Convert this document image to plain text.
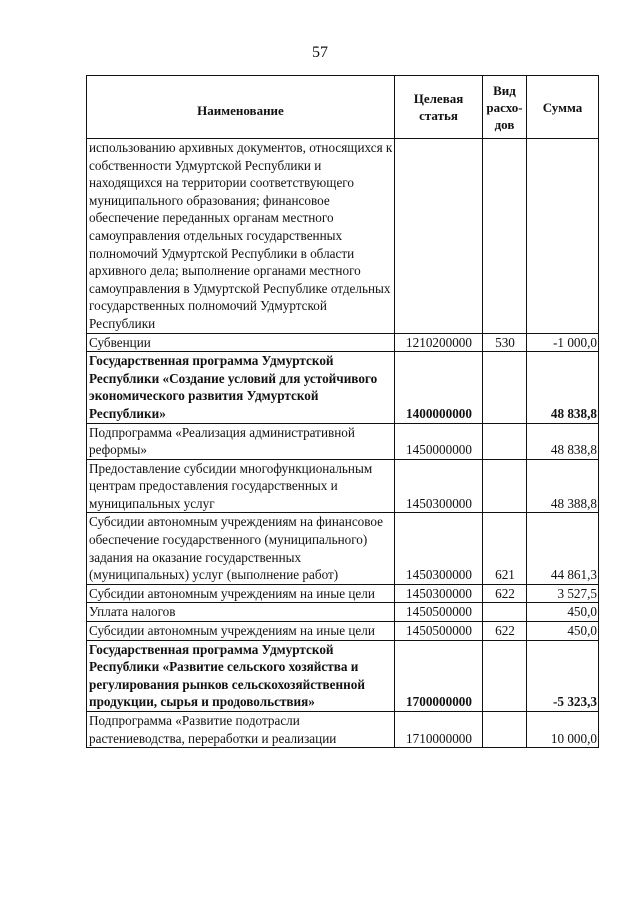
57
Наименование	Целевая статья	Вид расхо-дов	Сумма
использованию архивных документов, относящихся к собственности Удмуртской Республики и находящихся на территории соответствующего муниципального образования; финансовое обеспечение переданных органам местного самоуправления отдельных государственных полномочий Удмуртской Республики в области архивного дела; выполнение органами местного самоуправления в Удмуртской Республике отдельных государственных полномочий Удмуртской Республики			
Субвенции	1210200000	530	-1 000,0
Государственная программа Удмуртской Республики «Создание условий для устойчивого экономического развития Удмуртской Республики»	1400000000		48 838,8
Подпрограмма «Реализация административной реформы»	1450000000		48 838,8
Предоставление субсидии многофункциональным центрам предоставления государственных и муниципальных услуг	1450300000		48 388,8
Субсидии автономным учреждениям на финансовое обеспечение государственного (муниципального) задания на оказание государственных (муниципальных) услуг (выполнение работ)	1450300000	621	44 861,3
Субсидии автономным учреждениям на иные цели	1450300000	622	3 527,5
Уплата налогов	1450500000		450,0
Субсидии автономным учреждениям на иные цели	1450500000	622	450,0
Государственная программа Удмуртской Республики «Развитие сельского хозяйства и регулирования рынков сельскохозяйственной продукции, сырья и продовольствия»	1700000000		-5 323,3
Подпрограмма «Развитие подотрасли растениеводства, переработки и реализации	1710000000		10 000,0
